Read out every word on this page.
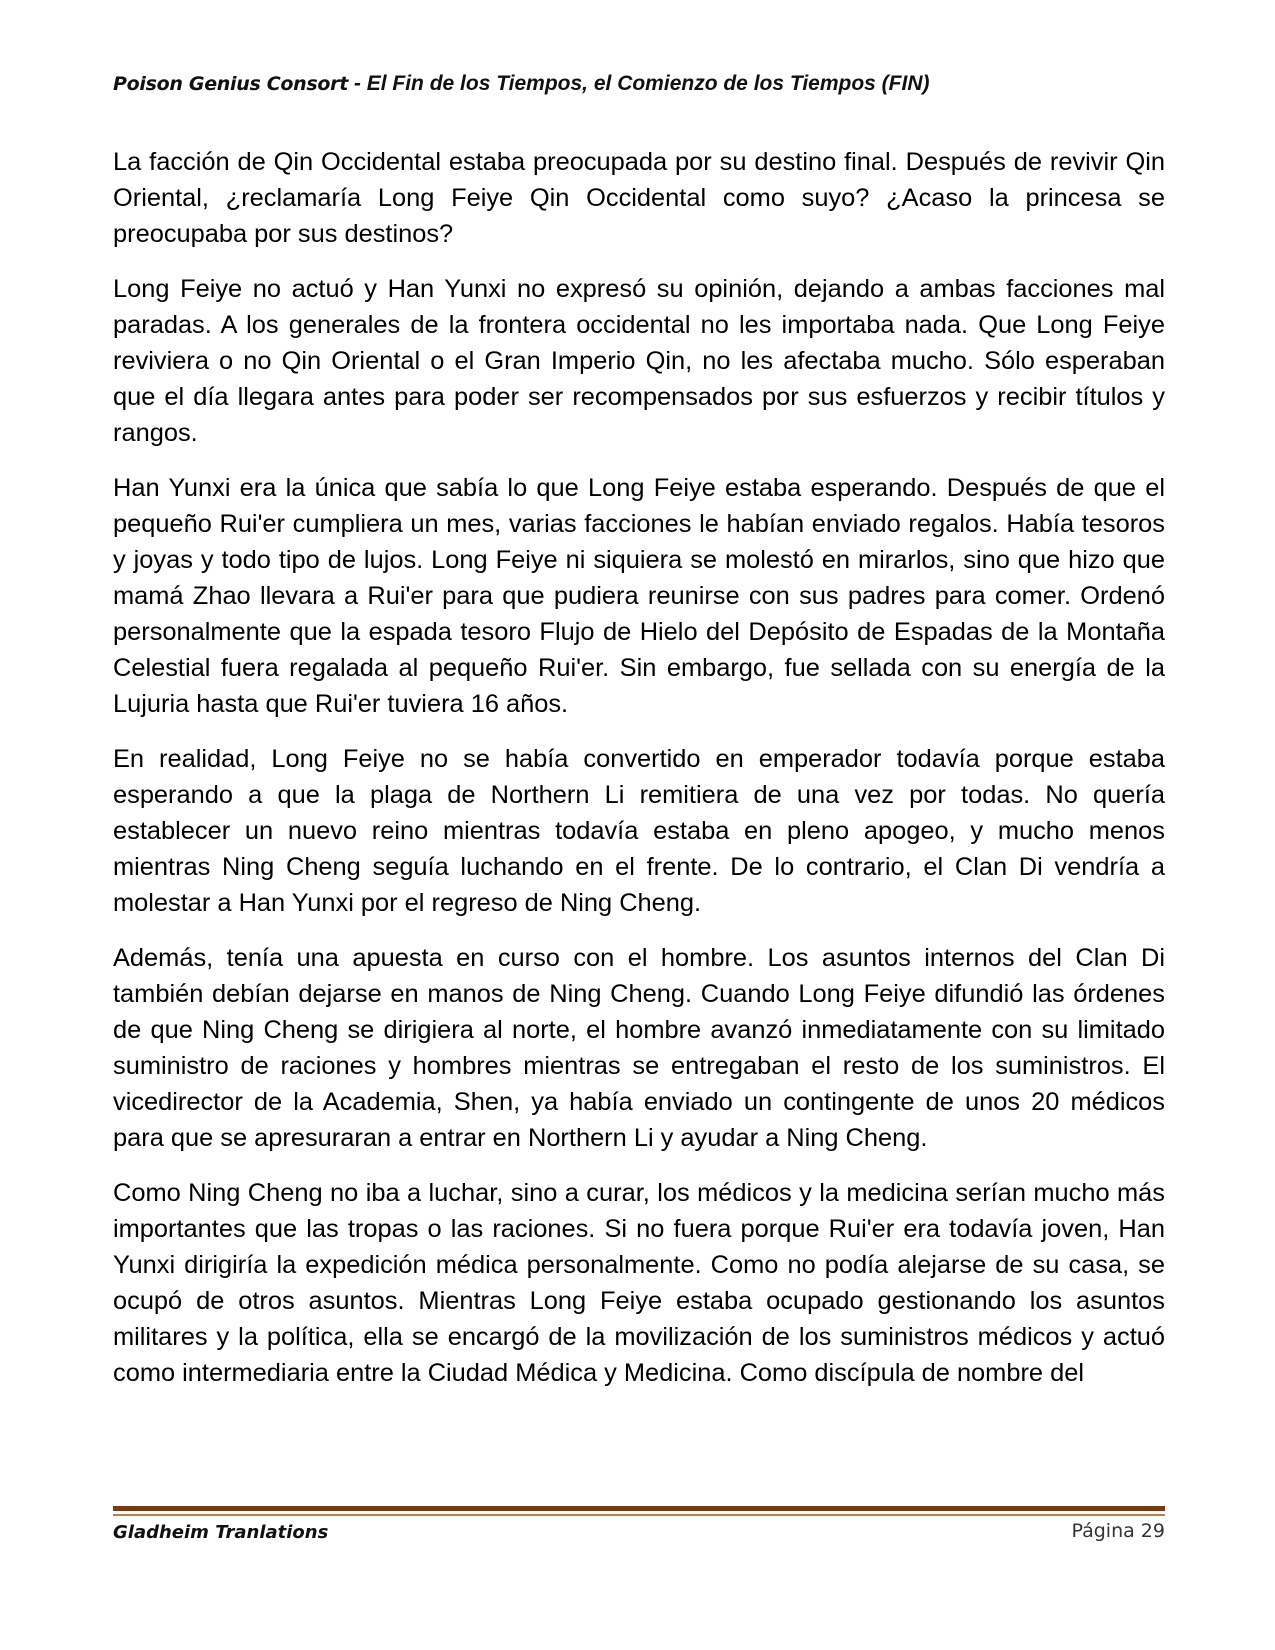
Poison Genius Consort - El Fin de los Tiempos, el Comienzo de los Tiempos (FIN)

La facción de Qin Occidental estaba preocupada por su destino final. Después de revivir Qin Oriental, ¿reclamaría Long Feiye Qin Occidental como suyo? ¿Acaso la princesa se preocupaba por sus destinos?

Long Feiye no actuó y Han Yunxi no expresó su opinión, dejando a ambas facciones mal paradas. A los generales de la frontera occidental no les importaba nada. Que Long Feiye reviviera o no Qin Oriental o el Gran Imperio Qin, no les afectaba mucho. Sólo esperaban que el día llegara antes para poder ser recompensados por sus esfuerzos y recibir títulos y rangos.

Han Yunxi era la única que sabía lo que Long Feiye estaba esperando. Después de que el pequeño Rui'er cumpliera un mes, varias facciones le habían enviado regalos. Había tesoros y joyas y todo tipo de lujos. Long Feiye ni siquiera se molestó en mirarlos, sino que hizo que mamá Zhao llevara a Rui'er para que pudiera reunirse con sus padres para comer. Ordenó personalmente que la espada tesoro Flujo de Hielo del Depósito de Espadas de la Montaña Celestial fuera regalada al pequeño Rui'er. Sin embargo, fue sellada con su energía de la Lujuria hasta que Rui'er tuviera 16 años.

En realidad, Long Feiye no se había convertido en emperador todavía porque estaba esperando a que la plaga de Northern Li remitiera de una vez por todas. No quería establecer un nuevo reino mientras todavía estaba en pleno apogeo, y mucho menos mientras Ning Cheng seguía luchando en el frente. De lo contrario, el Clan Di vendría a molestar a Han Yunxi por el regreso de Ning Cheng.

Además, tenía una apuesta en curso con el hombre. Los asuntos internos del Clan Di también debían dejarse en manos de Ning Cheng. Cuando Long Feiye difundió las órdenes de que Ning Cheng se dirigiera al norte, el hombre avanzó inmediatamente con su limitado suministro de raciones y hombres mientras se entregaban el resto de los suministros. El vicedirector de la Academia, Shen, ya había enviado un contingente de unos 20 médicos para que se apresuraran a entrar en Northern Li y ayudar a Ning Cheng.

Como Ning Cheng no iba a luchar, sino a curar, los médicos y la medicina serían mucho más importantes que las tropas o las raciones. Si no fuera porque Rui'er era todavía joven, Han Yunxi dirigiría la expedición médica personalmente. Como no podía alejarse de su casa, se ocupó de otros asuntos. Mientras Long Feiye estaba ocupado gestionando los asuntos militares y la política, ella se encargó de la movilización de los suministros médicos y actuó como intermediaria entre la Ciudad Médica y Medicina. Como discípula de nombre del

Gladheim Tranlations	Página 29
